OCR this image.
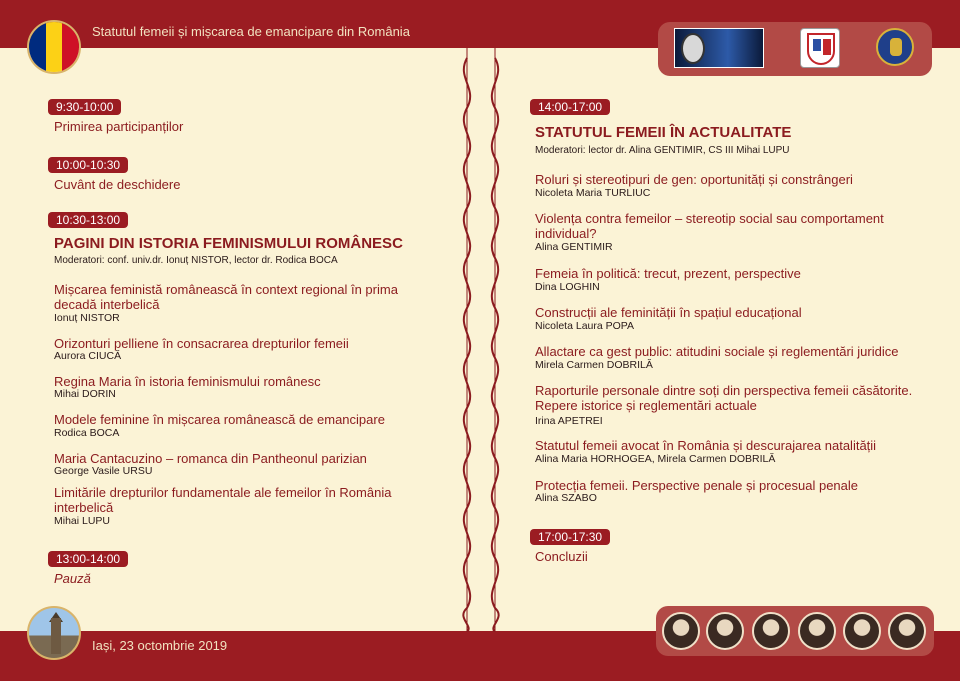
Statutul femeii și mișcarea de emancipare din România
Iași, 23 octombrie 2019
9:30-10:00
Primirea participanților
10:00-10:30
Cuvânt de deschidere
10:30-13:00
PAGINI DIN ISTORIA FEMINISMULUI ROMÂNESC
Moderatori: conf. univ.dr. Ionuț NISTOR, lector dr. Rodica BOCA
Mișcarea feministă românească în context regional în prima decadă interbelică
Ionuț NISTOR
Orizonturi pelliene în consacrarea drepturilor femeii
Aurora CIUCĂ
Regina Maria în istoria feminismului românesc
Mihai DORIN
Modele feminine în mișcarea românească de emancipare
Rodica BOCA
Maria Cantacuzino – romanca din Pantheonul parizian
George Vasile URSU
Limitările drepturilor fundamentale ale femeilor în România interbelică
Mihai LUPU
13:00-14:00
Pauză
14:00-17:00
STATUTUL FEMEII ÎN ACTUALITATE
Moderatori: lector dr. Alina GENTIMIR, CS III Mihai LUPU
Roluri și stereotipuri de gen: oportunități și constrângeri
Nicoleta Maria TURLIUC
Violența contra femeilor – stereotip social sau comportament individual?
Alina GENTIMIR
Femeia în politică: trecut, prezent, perspective
Dina LOGHIN
Construcții ale feminității în spațiul educațional
Nicoleta Laura POPA
Allactare ca gest public: atitudini sociale și reglementări juridice
Mirela Carmen DOBRILĂ
Raporturile personale dintre soți din perspectiva femeii căsătorite. Repere istorice și reglementări actuale
Irina APETREI
Statutul femeii avocat în România și descurajarea natalității
Alina Maria HORHOGEA, Mirela Carmen DOBRILĂ
Protecția femeii. Perspective penale și procesual penale
Alina SZABO
17:00-17:30
Concluzii
